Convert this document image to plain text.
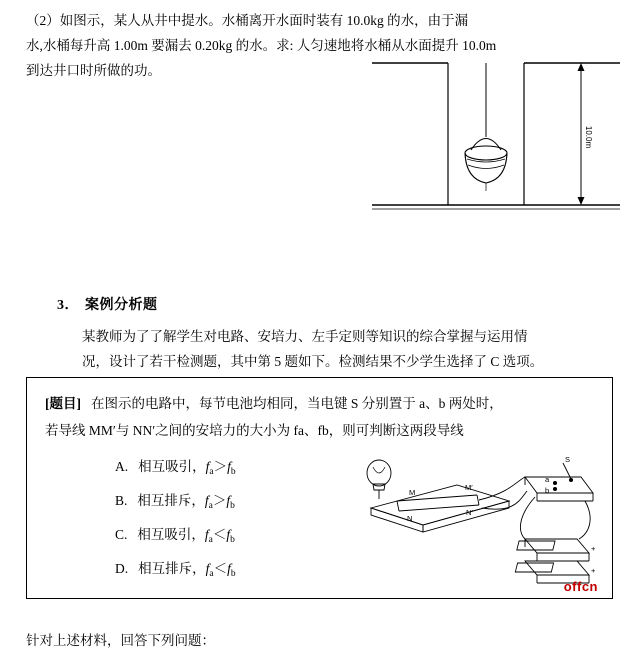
（2）如图示，某人从井中提水。水桶离开水面时装有 10.0kg 的水，由于漏
水,水桶每升高 1.00m 要漏去 0.20kg 的水。求: 人匀速地将水桶从水面提升 10.0m
到达井口时所做的功。

10.0m
3． 案例分析题
某教师为了了解学生对电路、安培力、左手定则等知识的综合掌握与运用情
况，设计了若干检测题，其中第 5 题如下。检测结果不少学生选择了 C 选项。
[题目] 在图示的电路中，每节电池均相同，当电键 S 分别置于 a、b 两处时，
若导线 MM′与 NN′之间的安培力的大小为 fa、fb，则可判断这两段导线
A. 相互吸引，$f_a>f_b$
B. 相互排斥，$f_a>f_b$
C. 相互吸引，$f_a<f_b$
D. 相互排斥，$f_a<f_b$
M
M′
N
N′
S
a
b
+
+
offcn
针对上述材料，回答下列问题：
